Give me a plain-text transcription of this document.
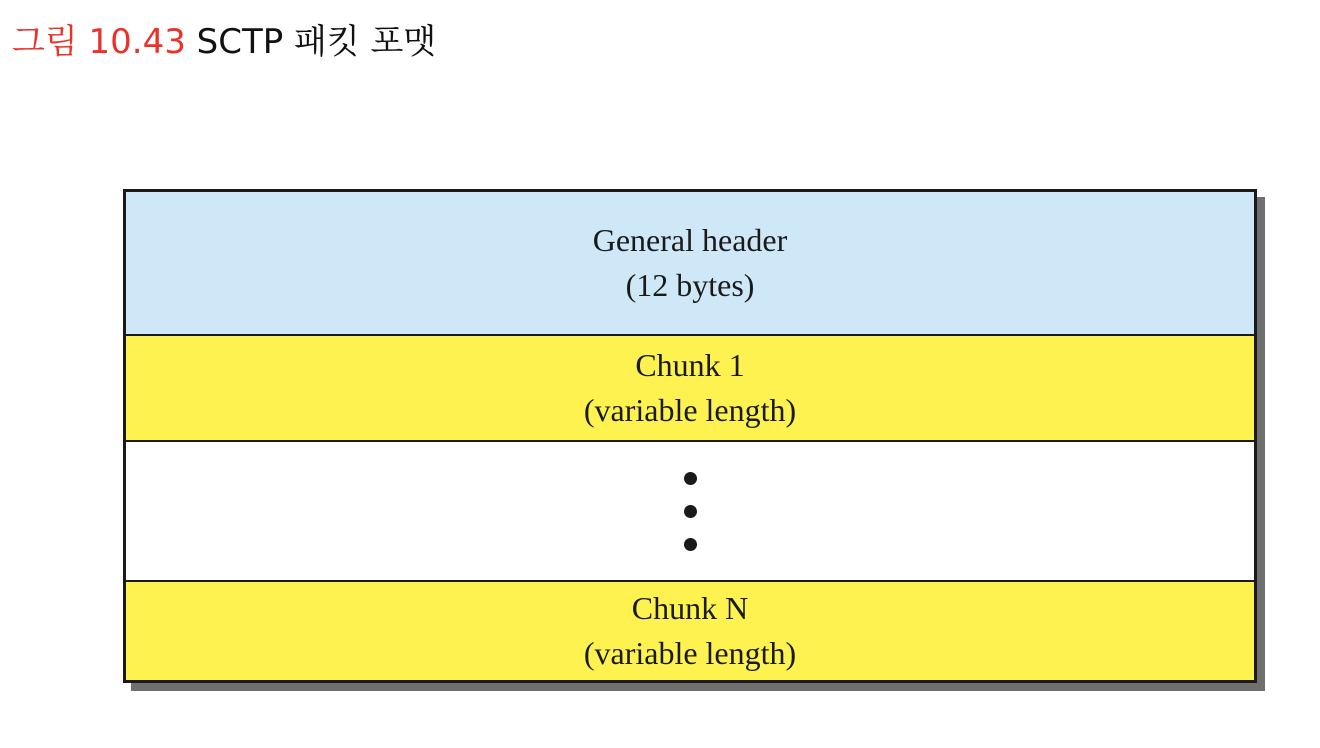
그림 10.43 SCTP 패킷 포맷
General header
(12 bytes)
Chunk 1
(variable length)
Chunk N
(variable length)
